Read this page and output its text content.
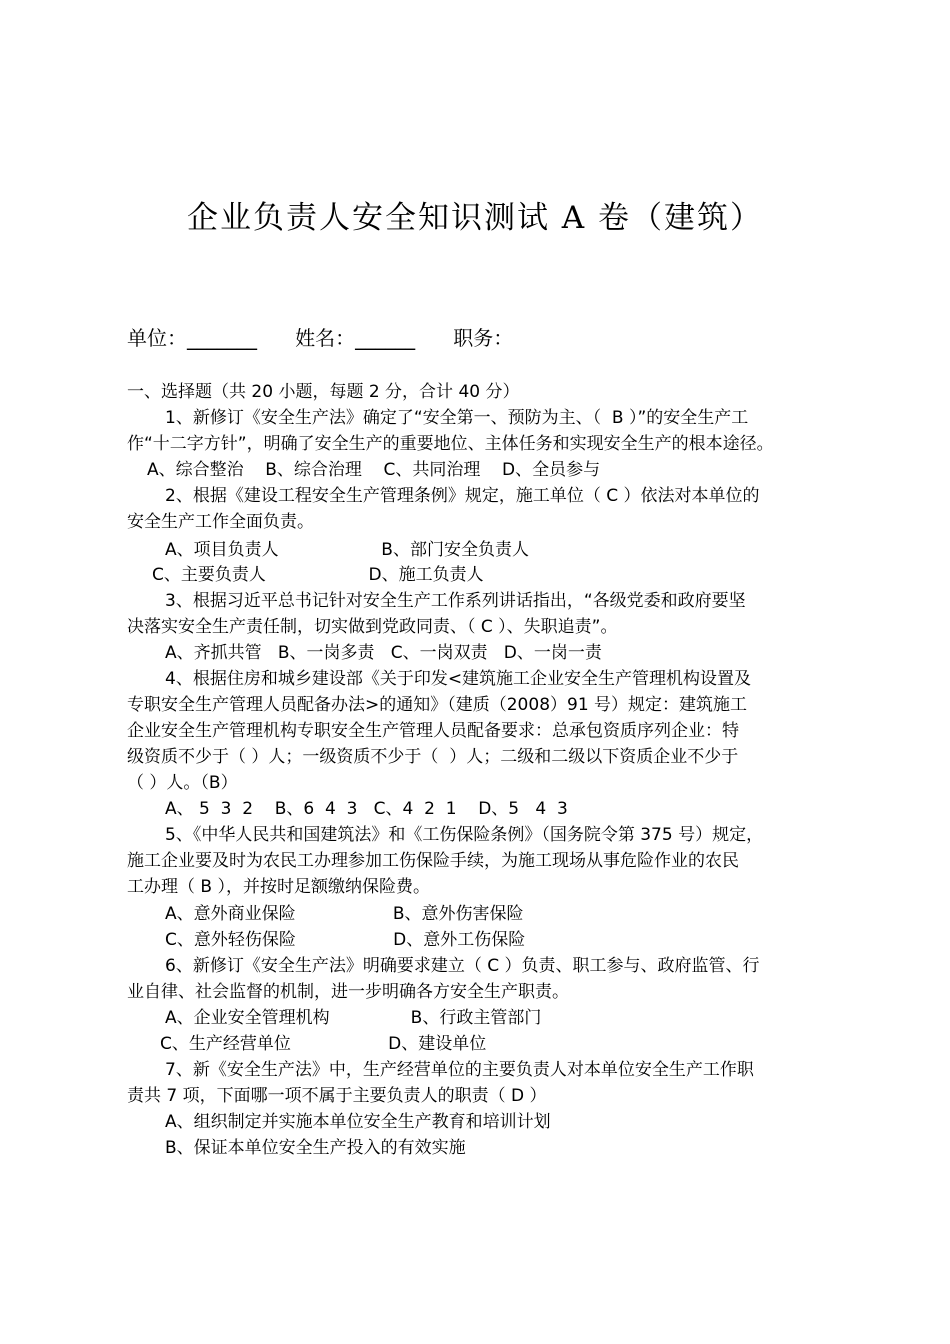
企业负责人安全知识测试 A 卷（建筑）
单位：_______      姓名：______      职务：
一、选择题（共 20 小题，每题 2 分，合计 40 分）
1、新修订《安全生产法》确定了“安全第一、预防为主、（  B ）”的安全生产工
作“十二字方针”，明确了安全生产的重要地位、主体任务和实现安全生产的根本途径。
A、综合整治    B、综合治理    C、共同治理    D、全员参与
2、根据《建设工程安全生产管理条例》规定，施工单位（ C ）依法对本单位的
安全生产工作全面负责。
A、项目负责人                   B、部门安全负责人
C、主要负责人                   D、施工负责人
3、根据习近平总书记针对安全生产工作系列讲话指出，“各级党委和政府要坚
决落实安全生产责任制，切实做到党政同责、（ C ）、失职追责”。
A、齐抓共管   B、一岗多责   C、一岗双责   D、一岗一责
4、根据住房和城乡建设部《关于印发<建筑施工企业安全生产管理机构设置及
专职安全生产管理人员配备办法>的通知》（建质（2008）91 号）规定：建筑施工
企业安全生产管理机构专职安全生产管理人员配备要求：总承包资质序列企业：特
级资质不少于（ ）人；一级资质不少于（  ）人；二级和二级以下资质企业不少于
（ ）人。（B）
A、 5  3  2    B、6  4  3   C、4  2  1    D、5   4  3
5、《中华人民共和国建筑法》和《工伤保险条例》（国务院令第 375 号）规定，
施工企业要及时为农民工办理参加工伤保险手续，为施工现场从事危险作业的农民
工办理（ B ），并按时足额缴纳保险费。
A、意外商业保险                  B、意外伤害保险
C、意外轻伤保险                  D、意外工伤保险
6、新修订《安全生产法》明确要求建立（ C ）负责、职工参与、政府监管、行
业自律、社会监督的机制，进一步明确各方安全生产职责。
A、企业安全管理机构               B、行政主管部门
C、生产经营单位                  D、建设单位
7、新《安全生产法》中，生产经营单位的主要负责人对本单位安全生产工作职
责共 7 项，下面哪一项不属于主要负责人的职责（ D ）
A、组织制定并实施本单位安全生产教育和培训计划
B、保证本单位安全生产投入的有效实施
